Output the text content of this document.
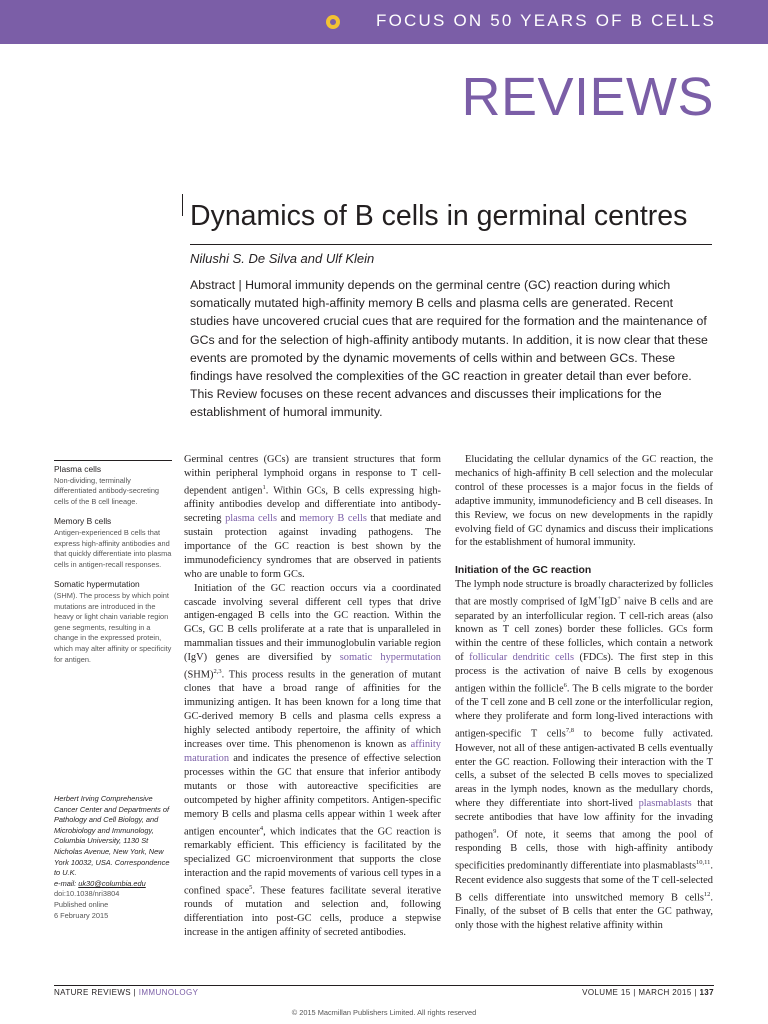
FOCUS ON 50 YEARS OF B CELLS
REVIEWS
Dynamics of B cells in germinal centres
Nilushi S. De Silva and Ulf Klein
Abstract | Humoral immunity depends on the germinal centre (GC) reaction during which somatically mutated high-affinity memory B cells and plasma cells are generated. Recent studies have uncovered crucial cues that are required for the formation and the maintenance of GCs and for the selection of high-affinity antibody mutants. In addition, it is now clear that these events are promoted by the dynamic movements of cells within and between GCs. These findings have resolved the complexities of the GC reaction in greater detail than ever before. This Review focuses on these recent advances and discusses their implications for the establishment of humoral immunity.
Plasma cells
Non-dividing, terminally differentiated antibody-secreting cells of the B cell lineage.
Memory B cells
Antigen-experienced B cells that express high-affinity antibodies and that quickly differentiate into plasma cells in antigen-recall responses.
Somatic hypermutation
(SHM). The process by which point mutations are introduced in the heavy or light chain variable region gene segments, resulting in a change in the expressed protein, which may alter affinity or specificity for antigen.
Herbert Irving Comprehensive Cancer Center and Departments of Pathology and Cell Biology, and Microbiology and Immunology, Columbia University, 1130 St Nicholas Avenue, New York, New York 10032, USA. Correspondence to U.K.
e-mail: uk30@columbia.edu
doi:10.1038/nri3804
Published online
6 February 2015

Germinal centres (GCs) are transient structures that form within peripheral lymphoid organs in response to T cell-dependent antigen$^1$. Within GCs, B cells expressing high-affinity antibodies develop and differentiate into antibody-secreting plasma cells and memory B cells that mediate and sustain protection against invading pathogens. The importance of the GC reaction is best shown by the immunodeficiency syndromes that are observed in patients who are unable to form GCs.

Initiation of the GC reaction occurs via a coordinated cascade involving several different cell types that drive antigen-engaged B cells into the GC reaction. Within the GCs, GC B cells proliferate at a rate that is unparalleled in mammalian tissues and their immunoglobulin variable region (IgV) genes are diversified by somatic hypermutation (SHM)$^{2,3}$. This process results in the generation of mutant clones that have a broad range of affinities for the immunizing antigen. It has been known for a long time that GC-derived memory B cells and plasma cells express a highly selected antibody repertoire, the affinity of which increases over time. This phenomenon is known as affinity maturation and indicates the presence of effective selection processes within the GC that ensure that inferior antibody mutants or those with autoreactive specificities are outcompeted by higher affinity competitors. Antigen-specific memory B cells and plasma cells appear within 1 week after antigen encounter$^4$, which indicates that the GC reaction is remarkably efficient. This efficiency is facilitated by the specialized GC microenvironment that supports the close interaction and the rapid movements of various cell types in a confined space$^5$. These features facilitate several iterative rounds of mutation and selection and, following differentiation into post-GC cells, produce a stepwise increase in the antigen affinity of secreted antibodies.

Elucidating the cellular dynamics of the GC reaction, the mechanics of high-affinity B cell selection and the molecular control of these processes is a major focus in the fields of adaptive immunity, immunodeficiency and B cell diseases. In this Review, we focus on new developments in the rapidly evolving field of GC dynamics and discuss their implications for the establishment of humoral immunity.

Initiation of the GC reaction

The lymph node structure is broadly characterized by follicles that are mostly comprised of IgM+IgD+ naive B cells and are separated by an interfollicular region. T cell-rich areas (also known as T cell zones) border these follicles. GCs form within the centre of these follicles, which contain a network of follicular dendritic cells (FDCs). The first step in this process is the activation of naive B cells by exogenous antigen within the follicle$^6$. The B cells migrate to the border of the T cell zone and B cell zone or the interfollicular region, where they proliferate and form long-lived interactions with antigen-specific T cells$^{7,8}$ to become fully activated. However, not all of these antigen-activated B cells eventually enter the GC reaction. Following their interaction with the T cells, a subset of the selected B cells moves to specialized areas in the lymph nodes, known as the medullary chords, where they differentiate into short-lived plasmablasts that secrete antibodies that have low affinity for the invading pathogen$^9$. Of note, it seems that among the pool of responding B cells, those with high-affinity antibody specificities predominantly differentiate into plasmablasts$^{10,11}$. Recent evidence also suggests that some of the T cell-selected B cells differentiate into unswitched memory B cells$^{12}$. Finally, of the subset of B cells that enter the GC pathway, only those with the highest relative affinity within

NATURE REVIEWS | IMMUNOLOGY	VOLUME 15 | MARCH 2015 | 137
© 2015 Macmillan Publishers Limited. All rights reserved
